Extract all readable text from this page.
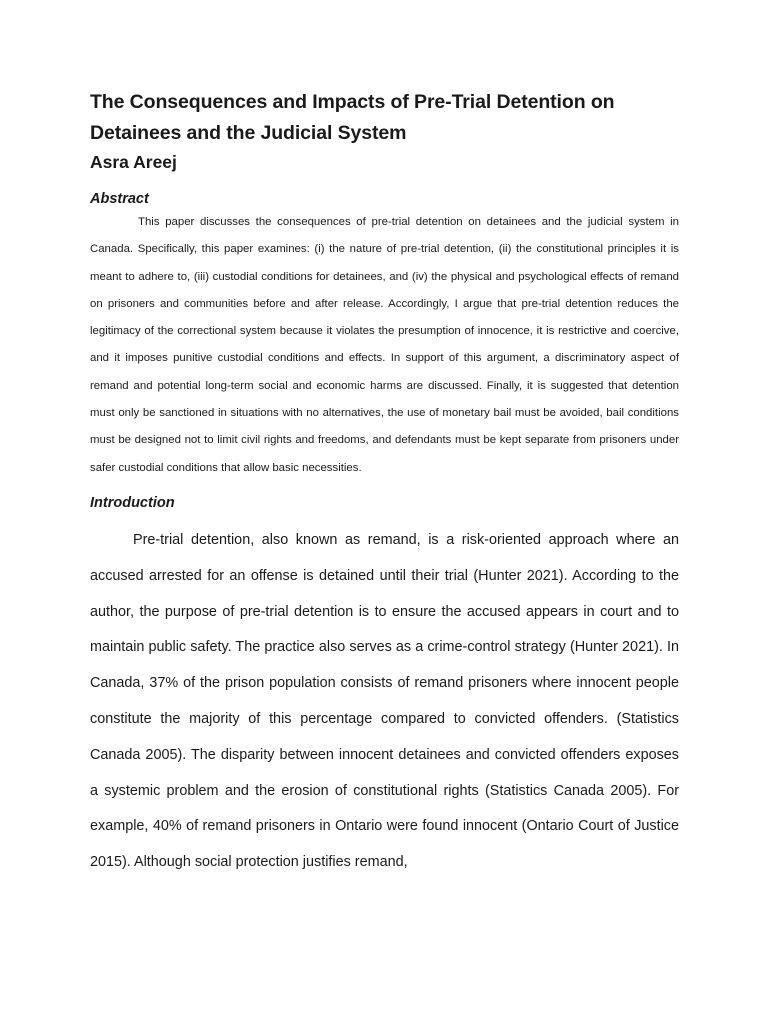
The Consequences and Impacts of Pre-Trial Detention on Detainees and the Judicial System

Asra Areej

Abstract

This paper discusses the consequences of pre-trial detention on detainees and the judicial system in Canada. Specifically, this paper examines: (i) the nature of pre-trial detention, (ii) the constitutional principles it is meant to adhere to, (iii) custodial conditions for detainees, and (iv) the physical and psychological effects of remand on prisoners and communities before and after release. Accordingly, I argue that pre-trial detention reduces the legitimacy of the correctional system because it violates the presumption of innocence, it is restrictive and coercive, and it imposes punitive custodial conditions and effects. In support of this argument, a discriminatory aspect of remand and potential long-term social and economic harms are discussed. Finally, it is suggested that detention must only be sanctioned in situations with no alternatives, the use of monetary bail must be avoided, bail conditions must be designed not to limit civil rights and freedoms, and defendants must be kept separate from prisoners under safer custodial conditions that allow basic necessities.

Introduction

Pre-trial detention, also known as remand, is a risk-oriented approach where an accused arrested for an offense is detained until their trial (Hunter 2021). According to the author, the purpose of pre-trial detention is to ensure the accused appears in court and to maintain public safety. The practice also serves as a crime-control strategy (Hunter 2021). In Canada, 37% of the prison population consists of remand prisoners where innocent people constitute the majority of this percentage compared to convicted offenders. (Statistics Canada 2005). The disparity between innocent detainees and convicted offenders exposes a systemic problem and the erosion of constitutional rights (Statistics Canada 2005). For example, 40% of remand prisoners in Ontario were found innocent (Ontario Court of Justice 2015). Although social protection justifies remand,
